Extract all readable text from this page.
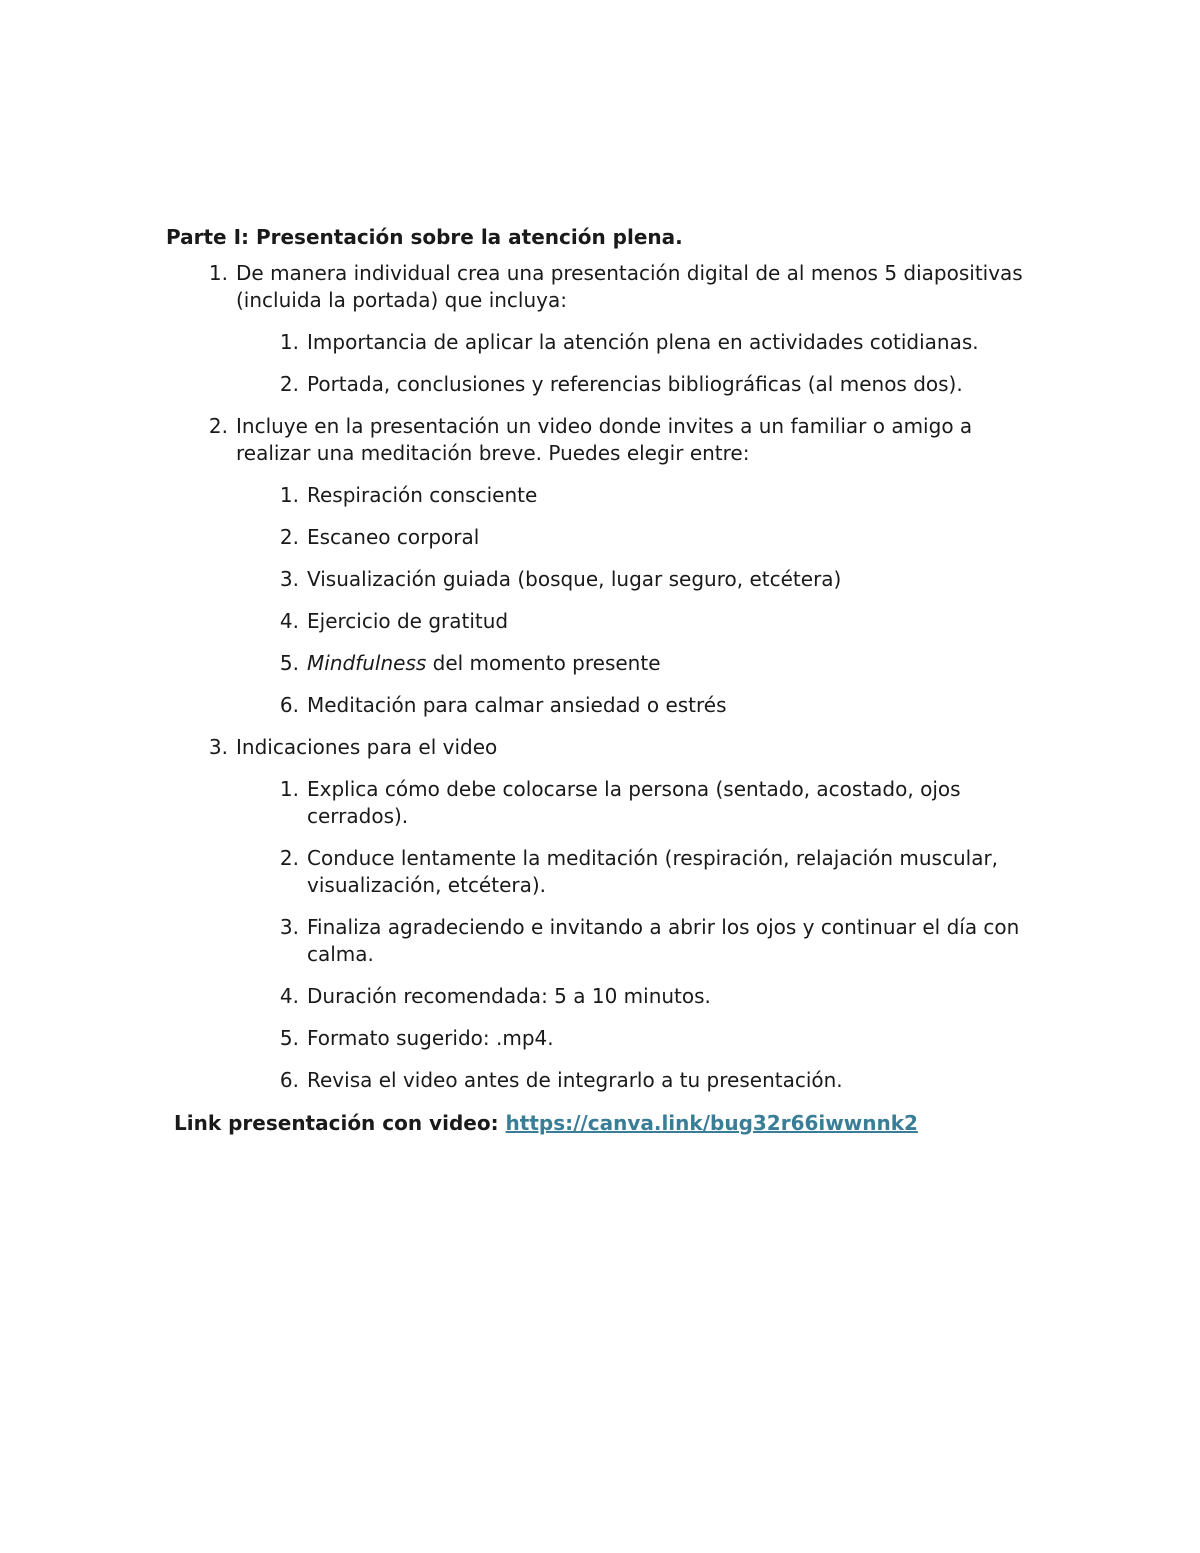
Parte I: Presentación sobre la atención plena.
1. De manera individual crea una presentación digital de al menos 5 diapositivas (incluida la portada) que incluya:
1. Importancia de aplicar la atención plena en actividades cotidianas.
2. Portada, conclusiones y referencias bibliográficas (al menos dos).
2. Incluye en la presentación un video donde invites a un familiar o amigo a realizar una meditación breve. Puedes elegir entre:
1. Respiración consciente
2. Escaneo corporal
3. Visualización guiada (bosque, lugar seguro, etcétera)
4. Ejercicio de gratitud
5. Mindfulness del momento presente
6. Meditación para calmar ansiedad o estrés
3. Indicaciones para el video
1. Explica cómo debe colocarse la persona (sentado, acostado, ojos cerrados).
2. Conduce lentamente la meditación (respiración, relajación muscular, visualización, etcétera).
3. Finaliza agradeciendo e invitando a abrir los ojos y continuar el día con calma.
4. Duración recomendada: 5 a 10 minutos.
5. Formato sugerido: .mp4.
6. Revisa el video antes de integrarlo a tu presentación.
Link presentación con video: https://canva.link/bug32r66iwwnnk2
